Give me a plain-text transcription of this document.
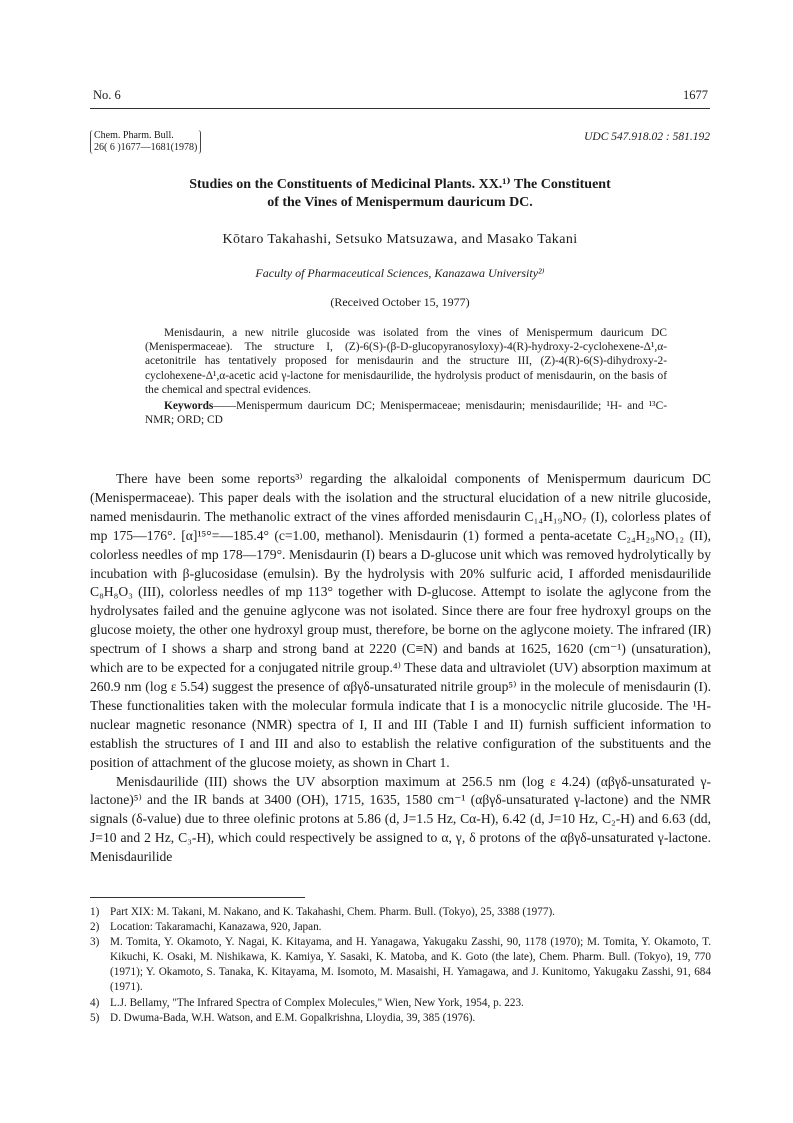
No. 6	1677
Chem. Pharm. Bull.
26( 6 )1677—1681(1978)
UDC 547.918.02 : 581.192
Studies on the Constituents of Medicinal Plants. XX.¹⁾ The Constituent
of the Vines of Menispermum dauricum DC.
Kōtaro Takahashi, Setsuko Matsuzawa, and Masako Takani
Faculty of Pharmaceutical Sciences, Kanazawa University²⁾
(Received October 15, 1977)

Menisdaurin, a new nitrile glucoside was isolated from the vines of Menispermum dauricum DC (Menispermaceae). The structure I, (Z)-6(S)-(β-D-glucopyranosyloxy)-4(R)-hydroxy-2-cyclohexene-Δ¹,α-acetonitrile has tentatively proposed for menisdaurin and the structure III, (Z)-4(R)-6(S)-dihydroxy-2-cyclohexene-Δ¹,α-acetic acid γ-lactone for menisdaurilide, the hydrolysis product of menisdaurin, on the basis of the chemical and spectral evidences.

Keywords——Menispermum dauricum DC; Menispermaceae; menisdaurin; menisdaurilide; ¹H- and ¹³C-NMR; ORD; CD

There have been some reports³⁾ regarding the alkaloidal components of Menispermum dauricum DC (Menispermaceae). This paper deals with the isolation and the structural elucidation of a new nitrile glucoside, named menisdaurin. The methanolic extract of the vines afforded menisdaurin C₁₄H₁₉NO₇ (I), colorless plates of mp 175—176°. [α]¹⁵°=—185.4° (c=1.00, methanol). Menisdaurin (1) formed a penta-acetate C₂₄H₂₉NO₁₂ (II), colorless needles of mp 178—179°. Menisdaurin (I) bears a D-glucose unit which was removed hydrolytically by incubation with β-glucosidase (emulsin). By the hydrolysis with 20% sulfuric acid, I afforded menisdaurilide C₈H₈O₃ (III), colorless needles of mp 113° together with D-glucose. Attempt to isolate the aglycone from the hydrolysates failed and the genuine aglycone was not isolated. Since there are four free hydroxyl groups on the glucose moiety, the other one hydroxyl group must, therefore, be borne on the aglycone moiety. The infrared (IR) spectrum of I shows a sharp and strong band at 2220 (C≡N) and bands at 1625, 1620 (cm⁻¹) (unsaturation), which are to be expected for a conjugated nitrile group.⁴⁾ These data and ultraviolet (UV) absorption maximum at 260.9 nm (log ε 5.54) suggest the presence of αβγδ-unsaturated nitrile group⁵⁾ in the molecule of menisdaurin (I). These functionalities taken with the molecular formula indicate that I is a monocyclic nitrile glucoside. The ¹H-nuclear magnetic resonance (NMR) spectra of I, II and III (Table I and II) furnish sufficient information to establish the structures of I and III and also to establish the relative configuration of the substituents and the position of attachment of the glucose moiety, as shown in Chart 1.

Menisdaurilide (III) shows the UV absorption maximum at 256.5 nm (log ε 4.24) (αβγδ-unsaturated γ-lactone)⁵⁾ and the IR bands at 3400 (OH), 1715, 1635, 1580 cm⁻¹ (αβγδ-unsaturated γ-lactone) and the NMR signals (δ-value) due to three olefinic protons at 5.86 (d, J=1.5 Hz, Cα-H), 6.42 (d, J=10 Hz, C₂-H) and 6.63 (dd, J=10 and 2 Hz, C₃-H), which could respectively be assigned to α, γ, δ protons of the αβγδ-unsaturated γ-lactone. Menisdaurilide

1) Part XIX: M. Takani, M. Nakano, and K. Takahashi, Chem. Pharm. Bull. (Tokyo), 25, 3388 (1977).
2) Location: Takaramachi, Kanazawa, 920, Japan.
3) M. Tomita, Y. Okamoto, Y. Nagai, K. Kitayama, and H. Yanagawa, Yakugaku Zasshi, 90, 1178 (1970); M. Tomita, Y. Okamoto, T. Kikuchi, K. Osaki, M. Nishikawa, K. Kamiya, Y. Sasaki, K. Matoba, and K. Goto (the late), Chem. Pharm. Bull. (Tokyo), 19, 770 (1971); Y. Okamoto, S. Tanaka, K. Kitayama, M. Isomoto, M. Masaishi, H. Yamagawa, and J. Kunitomo, Yakugaku Zasshi, 91, 684 (1971).
4) L.J. Bellamy, "The Infrared Spectra of Complex Molecules," Wien, New York, 1954, p. 223.
5) D. Dwuma-Bada, W.H. Watson, and E.M. Gopalkrishna, Lloydia, 39, 385 (1976).
